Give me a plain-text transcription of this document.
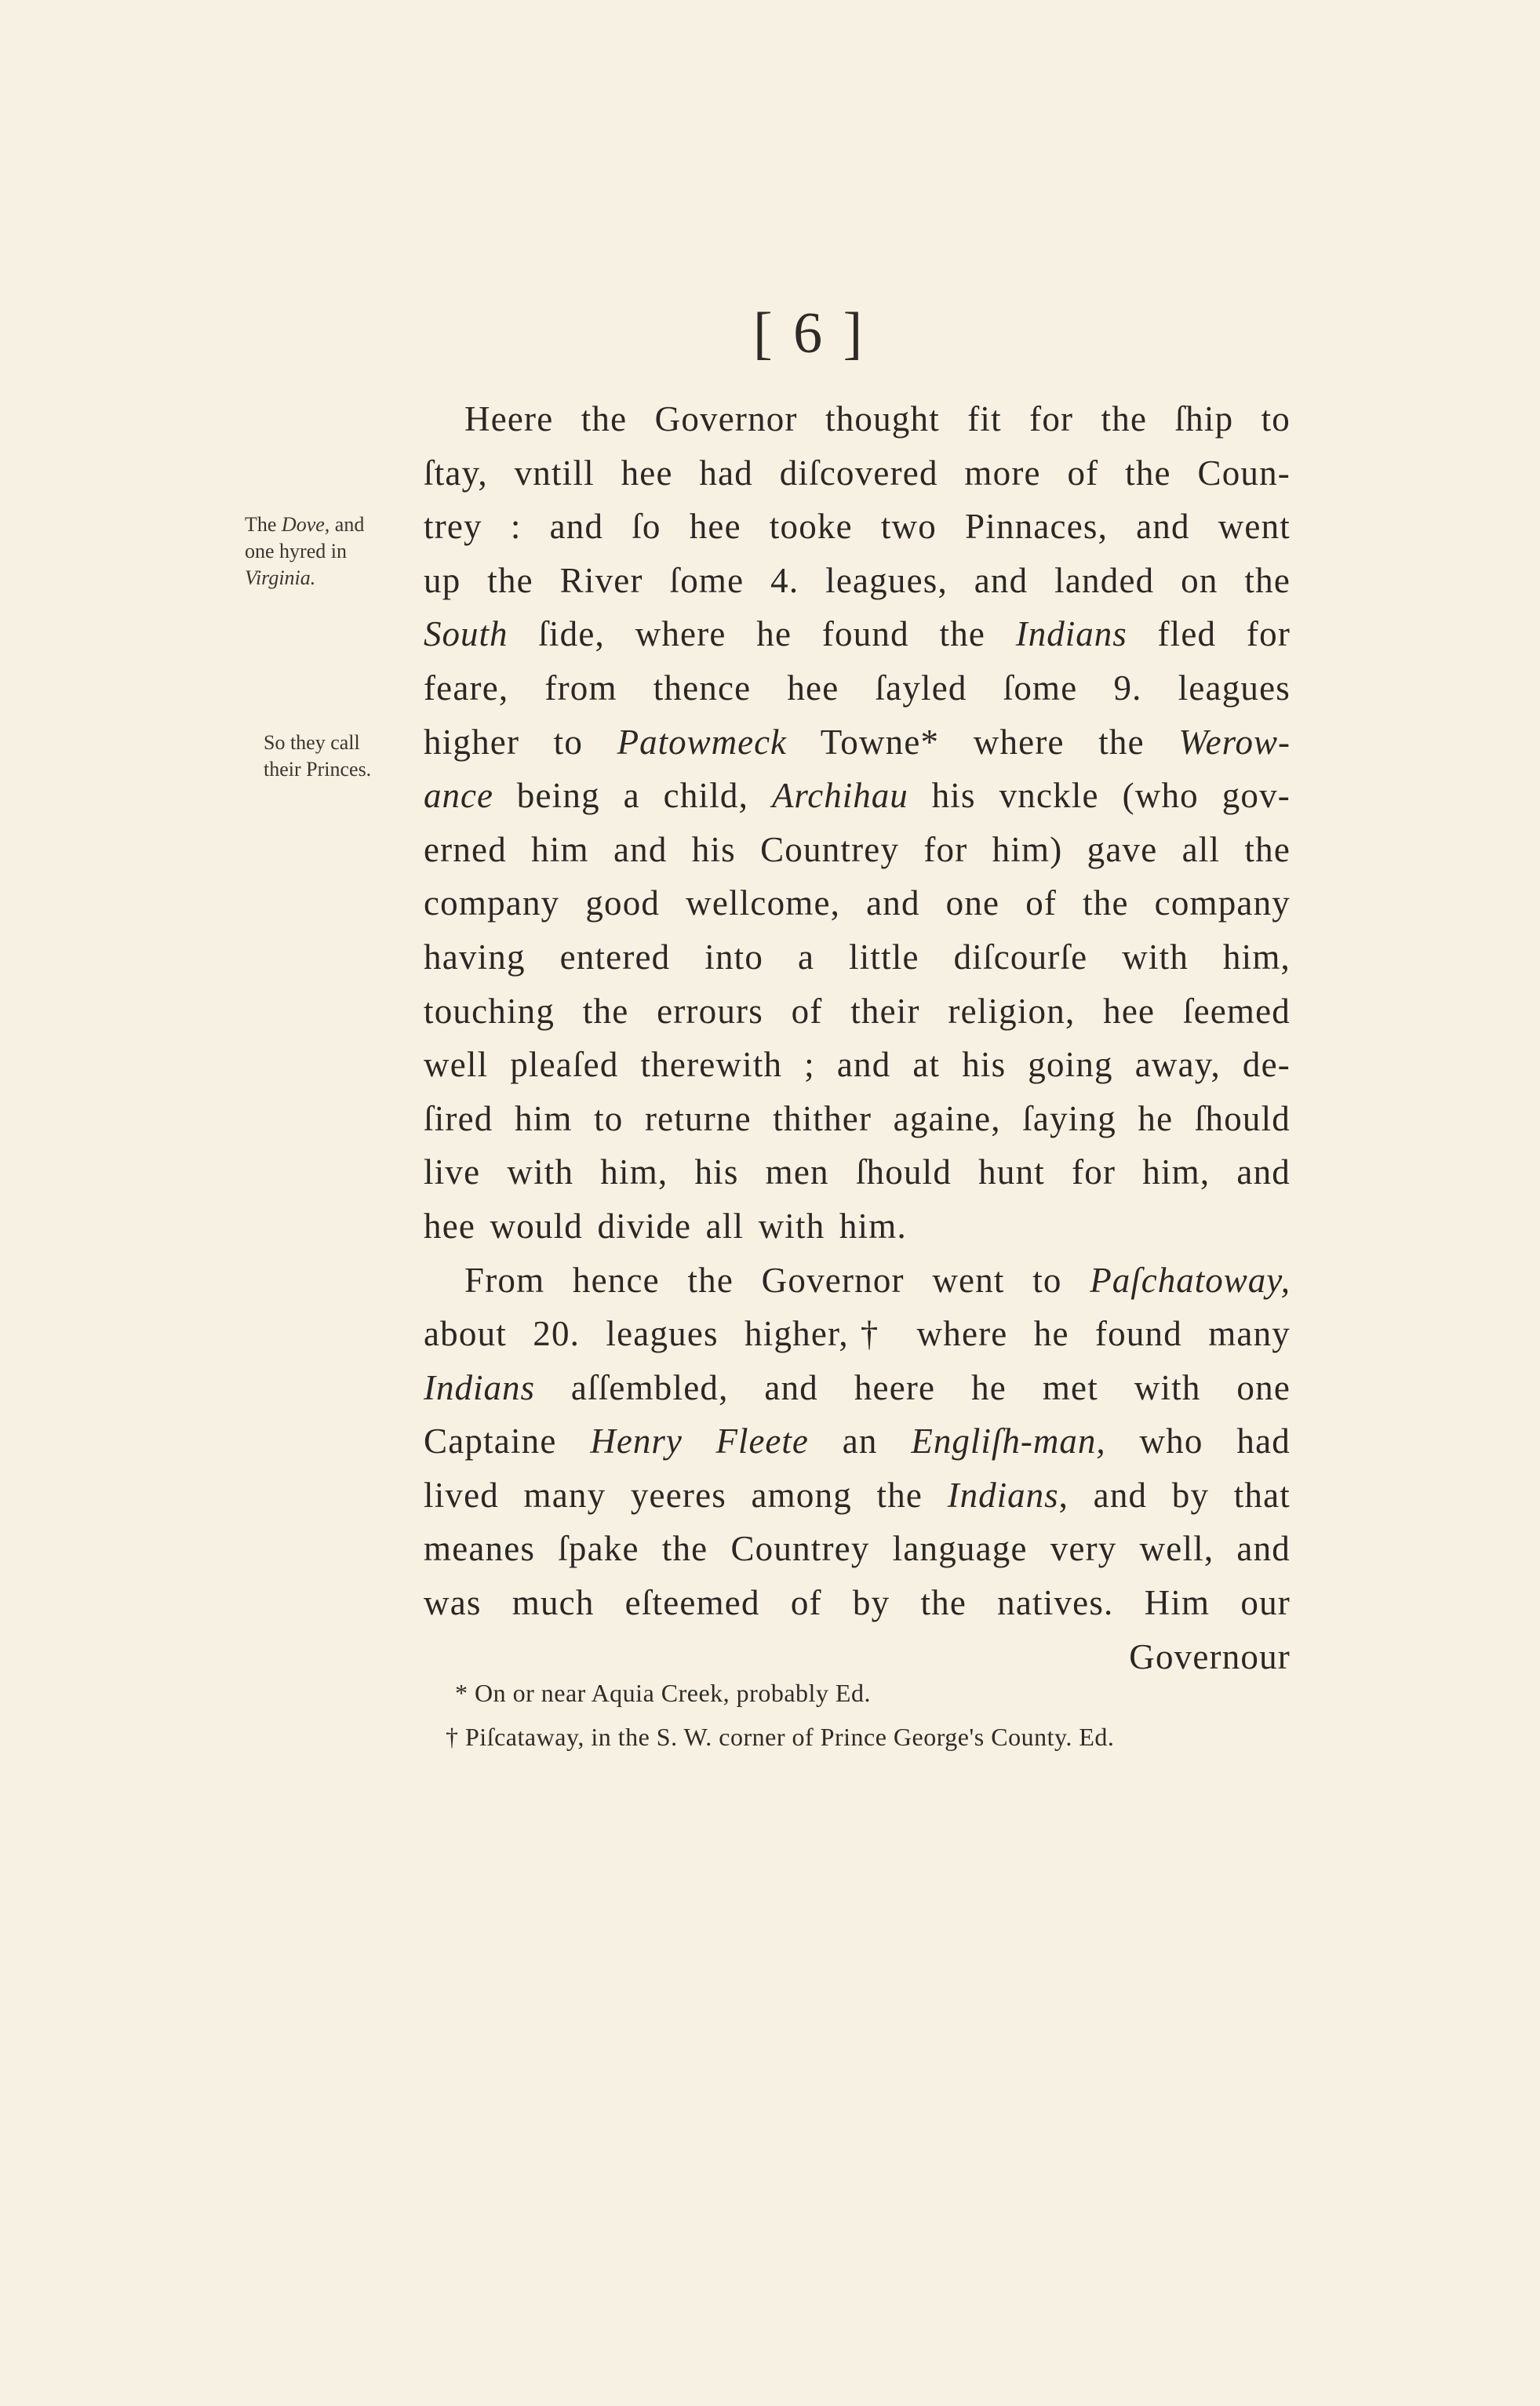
[ 6 ]
The Dove, and
one hyred in
Virginia.
So they call
their Princes.
Heere the Governor thought fit for the ſhip to
ſtay, vntill hee had diſcovered more of the Coun-
trey : and ſo hee tooke two Pinnaces, and went
up the River ſome 4. leagues, and landed on the
South ſide, where he found the Indians fled for
feare, from thence hee ſayled ſome 9. leagues
higher to Patowmeck Towne* where the Werow-
ance being a child, Archihau his vnckle (who gov-
erned him and his Countrey for him) gave all the
company good wellcome, and one of the company
having entered into a little diſcourſe with him,
touching the errours of their religion, hee ſeemed
well pleaſed therewith ; and at his going away, de-
ſired him to returne thither againe, ſaying he ſhould
live with him, his men ſhould hunt for him, and
hee would divide all with him.
From hence the Governor went to Paſchatoway,
about 20. leagues higher,† where he found many
Indians aſſembled, and heere he met with one
Captaine Henry Fleete an Engliſh-man, who had
lived many yeeres among the Indians, and by that
meanes ſpake the Countrey language very well, and
was much eſteemed of by the natives. Him our
Governour
* On or near Aquia Creek, probably Ed.
† Piſcataway, in the S. W. corner of Prince George's County. Ed.
